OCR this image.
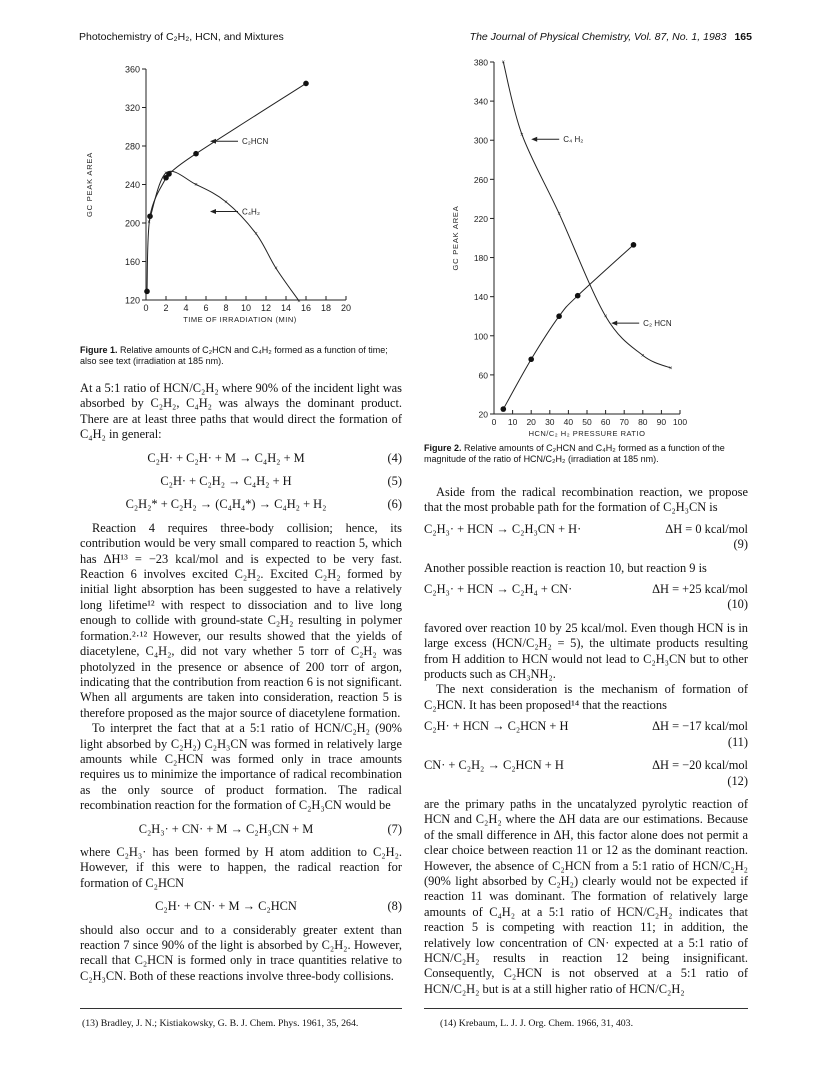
Photochemistry of C₂H₂, HCN, and Mixtures	The Journal of Physical Chemistry, Vol. 87, No. 1, 1983 165
0 2 4 6 8 10 12 14 16 18 20
120
160
200
240
280
320
360
TIME OF IRRADIATION (MIN)
GC PEAK AREA
×
×
×
×
×
×
×
C₂HCN
C₄H₂
Figure 1. Relative amounts of C₂HCN and C₄H₂ formed as a function of time; also see text (irradiation at 185 nm).
0 10 20 30 40 50 60 70 80 90 100
20
60
100
140
180
220
260
300
340
380
HCN/C₂ H₂ PRESSURE RATIO
GC PEAK AREA
×
×
×
×
×
×
C₄ H₂
C₂ HCN
Figure 2. Relative amounts of C₂HCN and C₄H₂ formed as a function of the magnitude of the ratio of HCN/C₂H₂ (irradiation at 185 nm).

At a 5:1 ratio of HCN/C₂H₂ where 90% of the incident light was absorbed by C₂H₂, C₄H₂ was always the dominant product. There are at least three paths that would direct the formation of C₄H₂ in general:

C₂H· + C₂H· + M → C₄H₂ + M	(4)
C₂H· + C₂H₂ → C₄H₂ + H	(5)
C₂H₂* + C₂H₂ → (C₄H₄*) → C₄H₂ + H₂	(6)

Reaction 4 requires three-body collision; hence, its contribution would be very small compared to reaction 5, which has ΔH¹³ = −23 kcal/mol and is expected to be very fast. Reaction 6 involves excited C₂H₂. Excited C₂H₂ formed by initial light absorption has been suggested to have a relatively long lifetime¹² with respect to dissociation and to live long enough to collide with ground-state C₂H₂ resulting in polymer formation.²·¹² However, our results showed that the yields of diacetylene, C₄H₂, did not vary whether 5 torr of C₂H₂ was photolyzed in the presence or absence of 200 torr of argon, indicating that the contribution from reaction 6 is not significant. When all arguments are taken into consideration, reaction 5 is therefore proposed as the major source of diacetylene formation.

To interpret the fact that at a 5:1 ratio of HCN/C₂H₂ (90% light absorbed by C₂H₂) C₂H₃CN was formed in relatively large amounts while C₂HCN was formed only in trace amounts requires us to minimize the importance of radical recombination as the only source of product formation. The radical recombination reaction for the formation of C₂H₃CN would be

C₂H₃· + CN· + M → C₂H₃CN + M	(7)

where C₂H₃· has been formed by H atom addition to C₂H₂. However, if this were to happen, the radical reaction for formation of C₂HCN

C₂H· + CN· + M → C₂HCN	(8)

should also occur and to a considerably greater extent than reaction 7 since 90% of the light is absorbed by C₂H₂. However, recall that C₂HCN is formed only in trace quantities relative to C₂H₃CN. Both of these reactions involve three-body collisions.

Aside from the radical recombination reaction, we propose that the most probable path for the formation of C₂H₃CN is

C₂H₃· + HCN → C₂H₃CN + H·	ΔH = 0 kcal/mol
(9)

Another possible reaction is reaction 10, but reaction 9 is

C₂H₃· + HCN → C₂H₄ + CN·	ΔH = +25 kcal/mol
(10)

favored over reaction 10 by 25 kcal/mol. Even though HCN is in large excess (HCN/C₂H₂ = 5), the ultimate products resulting from H addition to HCN would not lead to C₂H₃CN but to other products such as CH₃NH₂.

The next consideration is the mechanism of formation of C₂HCN. It has been proposed¹⁴ that the reactions

C₂H· + HCN → C₂HCN + H	ΔH = −17 kcal/mol
(11)
CN· + C₂H₂ → C₂HCN + H	ΔH = −20 kcal/mol
(12)

are the primary paths in the uncatalyzed pyrolytic reaction of HCN and C₂H₂ where the ΔH data are our estimations. Because of the small difference in ΔH, this factor alone does not permit a clear choice between reaction 11 or 12 as the dominant reaction. However, the absence of C₂HCN from a 5:1 ratio of HCN/C₂H₂ (90% light absorbed by C₂H₂) clearly would not be expected if reaction 11 was dominant. The formation of relatively large amounts of C₄H₂ at a 5:1 ratio of HCN/C₂H₂ indicates that reaction 5 is competing with reaction 11; in addition, the relatively low concentration of CN· expected at a 5:1 ratio of HCN/C₂H₂ results in reaction 12 being insignificant. Consequently, C₂HCN is not observed at a 5:1 ratio of HCN/C₂H₂ but is at a still higher ratio of HCN/C₂H₂

(13) Bradley, J. N.; Kistiakowsky, G. B. J. Chem. Phys. 1961, 35, 264.	(14) Krebaum, L. J. J. Org. Chem. 1966, 31, 403.
